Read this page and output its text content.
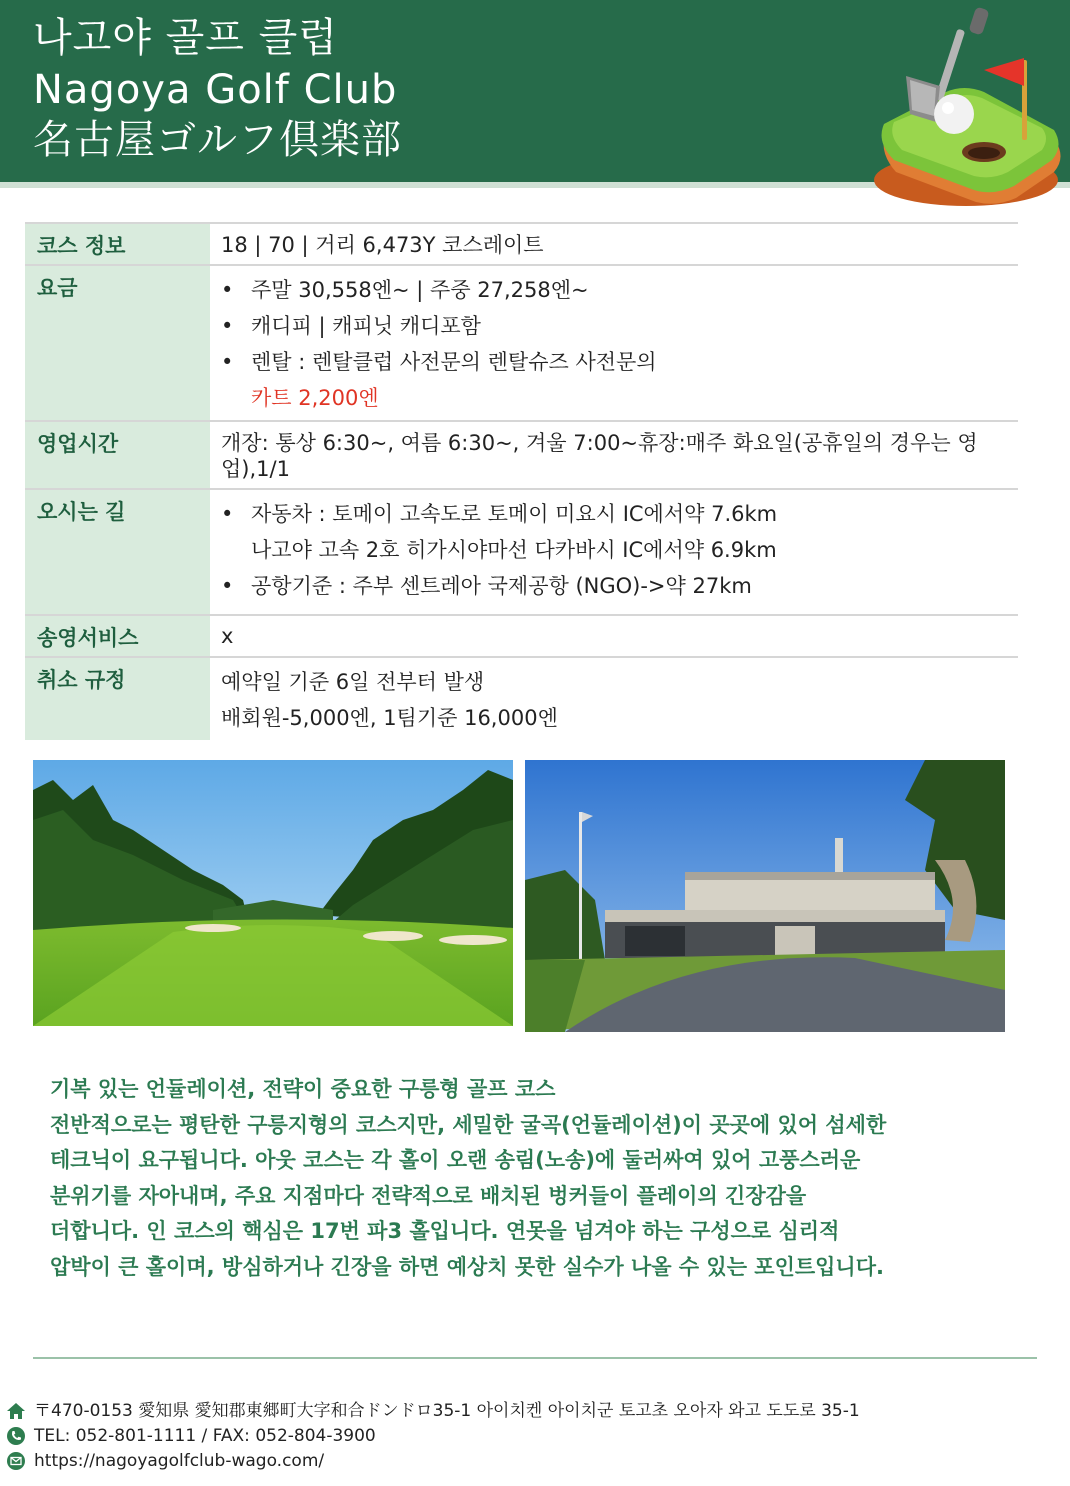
나고야 골프 클럽
Nagoya Golf Club
名古屋ゴルフ倶楽部
코스 정보	18 | 70 | 거리 6,473Y 코스레이트
요금	• 주말 30,558엔~ | 주중 27,258엔~
• 캐디피 | 캐피닛 캐디포함
• 렌탈 : 렌탈클럽 사전문의 렌탈슈즈 사전문의
카트 2,200엔
영업시간	개장: 통상 6:30~, 여름 6:30~, 겨울 7:00~휴장:매주 화요일(공휴일의 경우는 영업),1/1
오시는 길	• 자동차 : 토메이 고속도로 토메이 미요시 IC에서약 7.6km
나고야 고속 2호 히가시야마선 다카바시 IC에서약 6.9km
• 공항기준 : 주부 센트레아 국제공항 (NGO)->약 27km
송영서비스	x
취소 규정	예약일 기준 6일 전부터 발생
배회원-5,000엔, 1팀기준 16,000엔
기복 있는 언듈레이션, 전략이 중요한 구릉형 골프 코스
전반적으로는 평탄한 구릉지형의 코스지만, 세밀한 굴곡(언듈레이션)이 곳곳에 있어 섬세한
테크닉이 요구됩니다. 아웃 코스는 각 홀이 오랜 송림(노송)에 둘러싸여 있어 고풍스러운
분위기를 자아내며, 주요 지점마다 전략적으로 배치된 벙커들이 플레이의 긴장감을
더합니다. 인 코스의 핵심은 17번 파3 홀입니다. 연못을 넘겨야 하는 구성으로 심리적
압박이 큰 홀이며, 방심하거나 긴장을 하면 예상치 못한 실수가 나올 수 있는 포인트입니다.
〒470-0153 愛知県 愛知郡東郷町大字和合ドンドロ35-1 아이치켄 아이치군 토고초 오아자 와고 도도로 35-1
TEL: 052-801-1111 / FAX: 052-804-3900
https://nagoyagolfclub-wago.com/
